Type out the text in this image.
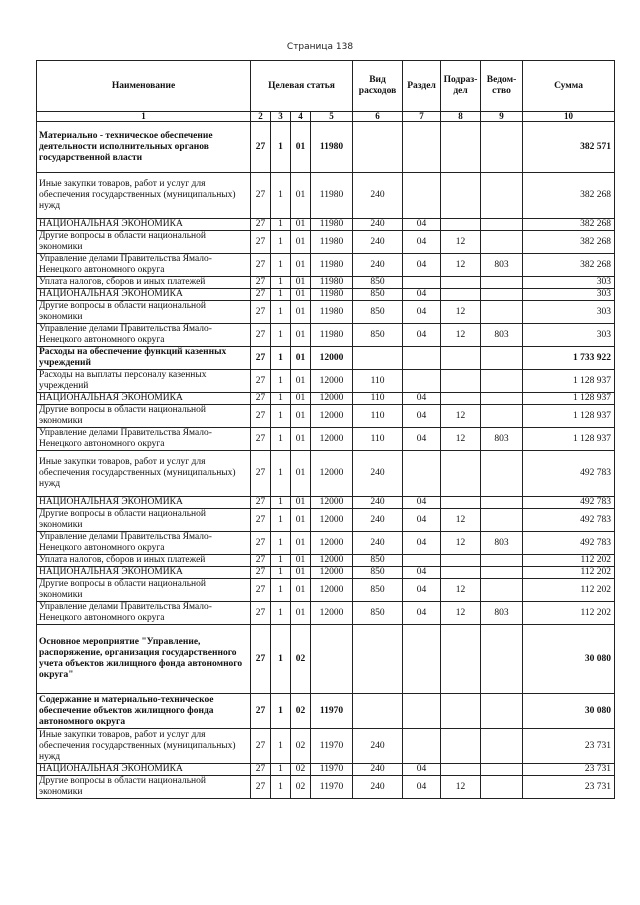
Страница 138
Наименование	Целевая статья				Вид расходов	Раздел	Подраз-дел	Ведом-ство	Сумма
1	2	3	4	5	6	7	8	9	10
Материально - техническое обеспечение деятельности исполнительных органов государственной власти	27	1	01	11980					382 571
Иные закупки товаров, работ и услуг для обеспечения государственных (муниципальных) нужд	27	1	01	11980	240				382 268
НАЦИОНАЛЬНАЯ ЭКОНОМИКА	27	1	01	11980	240	04			382 268
Другие вопросы в области национальной экономики	27	1	01	11980	240	04	12		382 268
Управление делами Правительства Ямало-Ненецкого автономного округа	27	1	01	11980	240	04	12	803	382 268
Уплата налогов, сборов и иных платежей	27	1	01	11980	850				303
НАЦИОНАЛЬНАЯ ЭКОНОМИКА	27	1	01	11980	850	04			303
Другие вопросы в области национальной экономики	27	1	01	11980	850	04	12		303
Управление делами Правительства Ямало-Ненецкого автономного округа	27	1	01	11980	850	04	12	803	303
Расходы на обеспечение функций казенных учреждений	27	1	01	12000					1 733 922
Расходы на выплаты персоналу казенных учреждений	27	1	01	12000	110				1 128 937
НАЦИОНАЛЬНАЯ ЭКОНОМИКА	27	1	01	12000	110	04			1 128 937
Другие вопросы в области национальной экономики	27	1	01	12000	110	04	12		1 128 937
Управление делами Правительства Ямало-Ненецкого автономного округа	27	1	01	12000	110	04	12	803	1 128 937
Иные закупки товаров, работ и услуг для обеспечения государственных (муниципальных) нужд	27	1	01	12000	240				492 783
НАЦИОНАЛЬНАЯ ЭКОНОМИКА	27	1	01	12000	240	04			492 783
Другие вопросы в области национальной экономики	27	1	01	12000	240	04	12		492 783
Управление делами Правительства Ямало-Ненецкого автономного округа	27	1	01	12000	240	04	12	803	492 783
Уплата налогов, сборов и иных платежей	27	1	01	12000	850				112 202
НАЦИОНАЛЬНАЯ ЭКОНОМИКА	27	1	01	12000	850	04			112 202
Другие вопросы в области национальной экономики	27	1	01	12000	850	04	12		112 202
Управление делами Правительства Ямало-Ненецкого автономного округа	27	1	01	12000	850	04	12	803	112 202
Основное мероприятие "Управление, распоряжение, организация государственного учета объектов жилищного фонда автономного округа"	27	1	02						30 080
Содержание и материально-техническое обеспечение объектов жилищного фонда автономного округа	27	1	02	11970					30 080
Иные закупки товаров, работ и услуг для обеспечения государственных (муниципальных) нужд	27	1	02	11970	240				23 731
НАЦИОНАЛЬНАЯ ЭКОНОМИКА	27	1	02	11970	240	04			23 731
Другие вопросы в области национальной экономики	27	1	02	11970	240	04	12		23 731
